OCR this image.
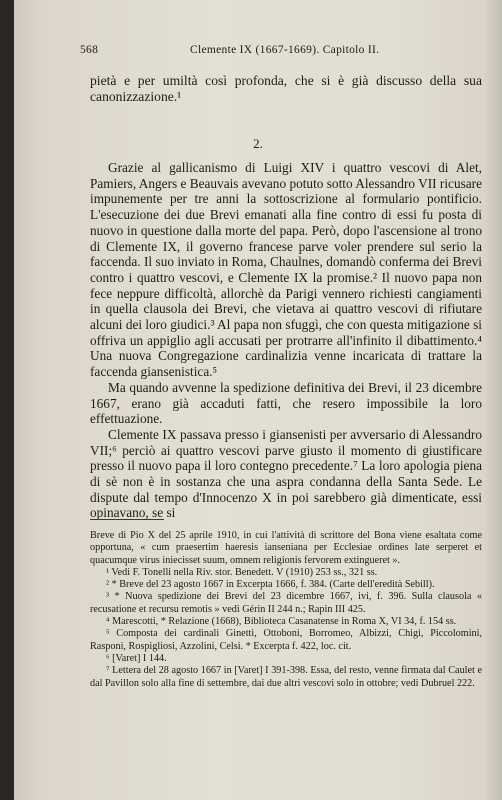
568	Clemente IX (1667-1669). Capitolo II.

pietà e per umiltà così profonda, che si è già discusso della sua canonizzazione.¹

2.

Grazie al gallicanismo di Luigi XIV i quattro vescovi di Alet, Pamiers, Angers e Beauvais avevano potuto sotto Alessandro VII ricusare impunemente per tre anni la sottoscrizione al formulario pontificio. L'esecuzione dei due Brevi emanati alla fine contro di essi fu posta di nuovo in questione dalla morte del papa. Però, dopo l'ascensione al trono di Clemente IX, il governo francese parve voler prendere sul serio la faccenda. Il suo inviato in Roma, Chaulnes, domandò conferma dei Brevi contro i quattro vescovi, e Clemente IX la promise.² Il nuovo papa non fece neppure difficoltà, allorchè da Parigi vennero richiesti cangiamenti in quella clausola dei Brevi, che vietava ai quattro vescovi di rifiutare alcuni dei loro giudici.³ Al papa non sfuggì, che con questa mitigazione si offriva un appiglio agli accusati per protrarre all'infinito il dibattimento.⁴ Una nuova Congregazione cardinalizia venne incaricata di trattare la faccenda giansenistica.⁵

Ma quando avvenne la spedizione definitiva dei Brevi, il 23 dicembre 1667, erano già accaduti fatti, che resero impossibile la loro effettuazione.

Clemente IX passava presso i giansenisti per avversario di Alessandro VII;⁶ perciò ai quattro vescovi parve giusto il momento di giustificare presso il nuovo papa il loro contegno precedente.⁷ La loro apologia piena di sè non è in sostanza che una aspra condanna della Santa Sede. Le dispute dal tempo d'Innocenzo X in poi sarebbero già dimenticate, essi opinavano, se si

Breve di Pio X del 25 aprile 1910, in cui l'attività di scrittore del Bona viene esaltata come opportuna, « cum praesertim haeresis iansenianа per Ecclesiae ordines late serperet et quacumque virus iniecisset suum, omnem religionis fervorem extingueret ».

¹ Vedi F. Tonelli nella Riv. stor. Benedett. V (1910) 253 ss., 321 ss.

² * Breve del 23 agosto 1667 in Excerpta 1666, f. 384. (Carte dell'eredità Sebill).

³ * Nuova spedizione dei Brevi del 23 dicembre 1667, ivi, f. 396. Sulla clausola « recusatione et recursu remotis » vedi Gérin II 244 n.; Rapin III 425.

⁴ Marescotti, * Relazione (1668), Biblioteca Casanatense in Roma X, VI 34, f. 154 ss.

⁵ Composta dei cardinali Ginetti, Ottoboni, Borromeo, Albizzi, Chigi, Piccolomini, Rasponi, Rospigliosi, Azzolini, Celsi. * Excerpta f. 422, loc. cit.

⁶ [Varet] I 144.

⁷ Lettera del 28 agosto 1667 in [Varet] I 391-398. Essa, del resto, venne firmata dal Caulet e dal Pavillon solo alla fine di settembre, dai due altri vescovi solo in ottobre; vedi Dubruel 222.
